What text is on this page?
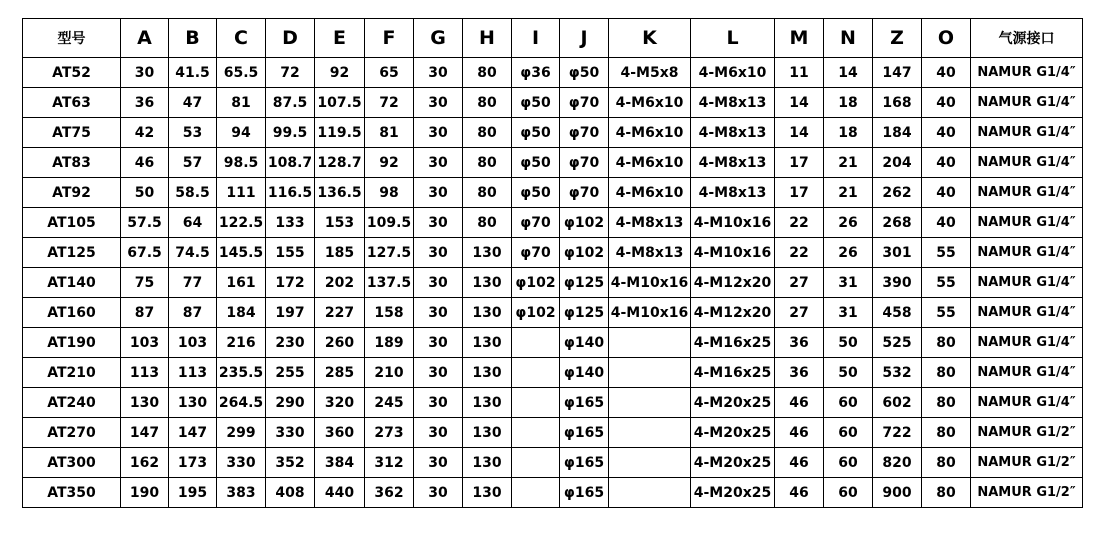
型号	A	B	C	D	E	F	G	H	I	J	K	L	M	N	Z	O	气源接口
AT52	30	41.5	65.5	72	92	65	30	80	φ36	φ50	4-M5x8	4-M6x10	11	14	147	40	NAMUR G1/4″
AT63	36	47	81	87.5	107.5	72	30	80	φ50	φ70	4-M6x10	4-M8x13	14	18	168	40	NAMUR G1/4″
AT75	42	53	94	99.5	119.5	81	30	80	φ50	φ70	4-M6x10	4-M8x13	14	18	184	40	NAMUR G1/4″
AT83	46	57	98.5	108.7	128.7	92	30	80	φ50	φ70	4-M6x10	4-M8x13	17	21	204	40	NAMUR G1/4″
AT92	50	58.5	111	116.5	136.5	98	30	80	φ50	φ70	4-M6x10	4-M8x13	17	21	262	40	NAMUR G1/4″
AT105	57.5	64	122.5	133	153	109.5	30	80	φ70	φ102	4-M8x13	4-M10x16	22	26	268	40	NAMUR G1/4″
AT125	67.5	74.5	145.5	155	185	127.5	30	130	φ70	φ102	4-M8x13	4-M10x16	22	26	301	55	NAMUR G1/4″
AT140	75	77	161	172	202	137.5	30	130	φ102	φ125	4-M10x16	4-M12x20	27	31	390	55	NAMUR G1/4″
AT160	87	87	184	197	227	158	30	130	φ102	φ125	4-M10x16	4-M12x20	27	31	458	55	NAMUR G1/4″
AT190	103	103	216	230	260	189	30	130		φ140		4-M16x25	36	50	525	80	NAMUR G1/4″
AT210	113	113	235.5	255	285	210	30	130		φ140		4-M16x25	36	50	532	80	NAMUR G1/4″
AT240	130	130	264.5	290	320	245	30	130		φ165		4-M20x25	46	60	602	80	NAMUR G1/4″
AT270	147	147	299	330	360	273	30	130		φ165		4-M20x25	46	60	722	80	NAMUR G1/2″
AT300	162	173	330	352	384	312	30	130		φ165		4-M20x25	46	60	820	80	NAMUR G1/2″
AT350	190	195	383	408	440	362	30	130		φ165		4-M20x25	46	60	900	80	NAMUR G1/2″
